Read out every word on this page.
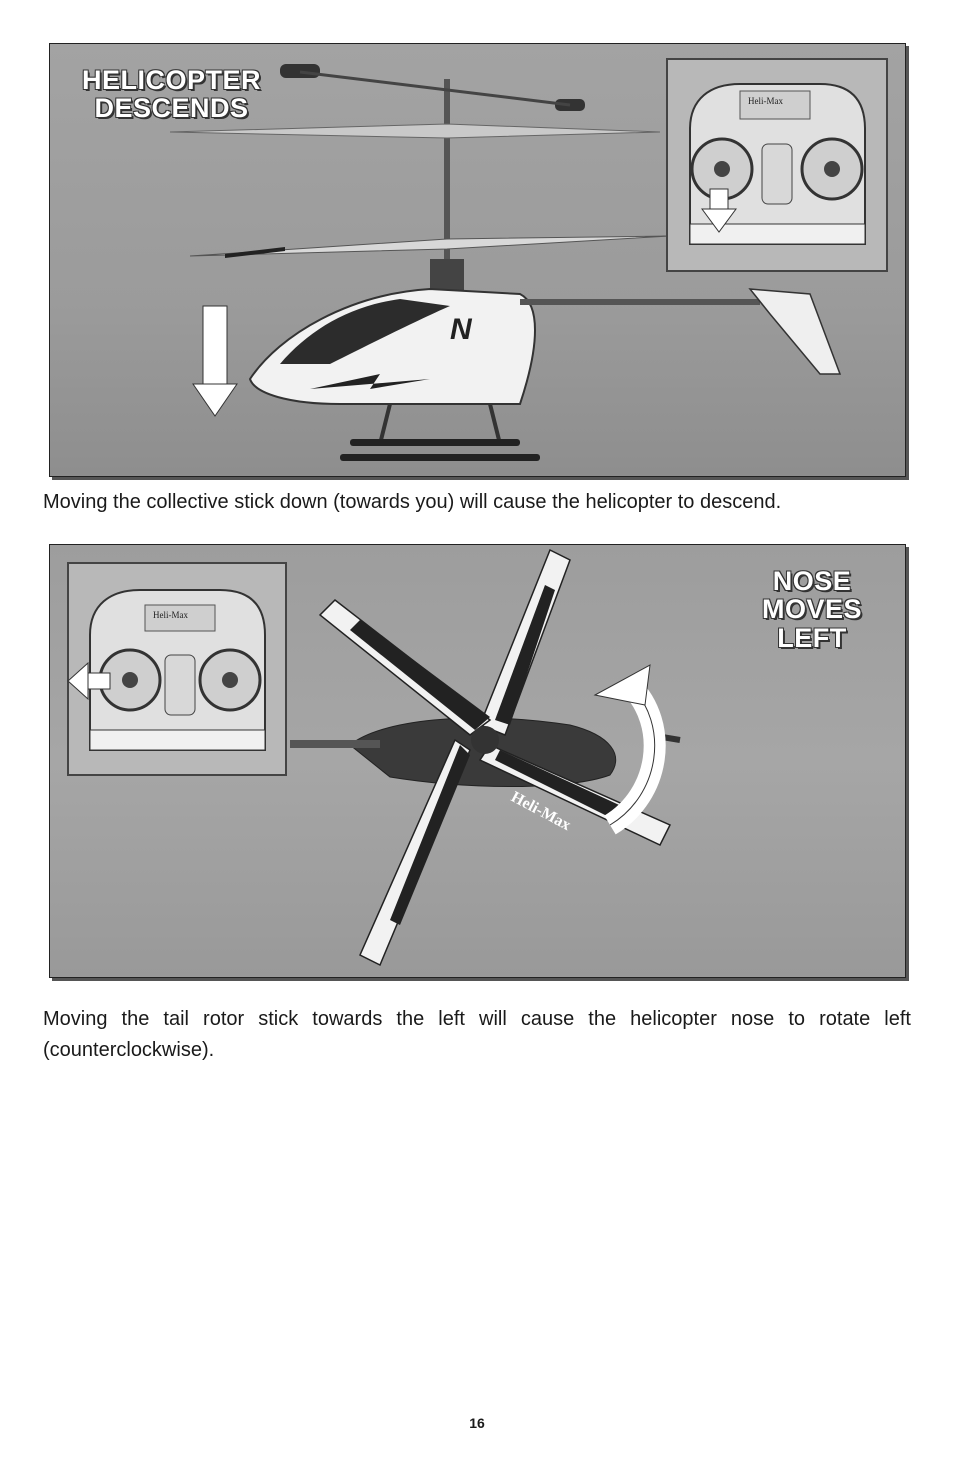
N
Heli-Max
HELICOPTER
DESCENDS

Moving the collective stick down (towards you) will cause the helicopter to descend.

Heli-Max
Heli-Max
NOSE
MOVES
LEFT

Moving the tail rotor stick towards the left will cause the helicopter nose to rotate left (counterclockwise).

16
